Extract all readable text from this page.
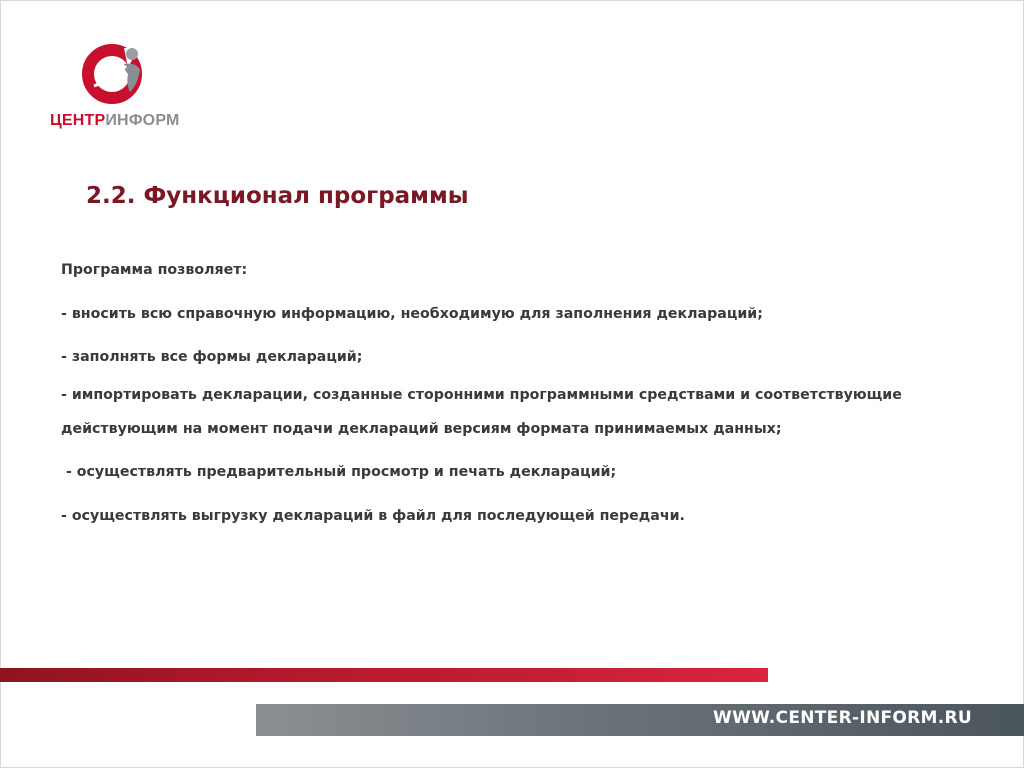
ЦЕНТРИНФОРМ
2.2. Функционал программы
Программа позволяет:
- вносить всю справочную информацию, необходимую для заполнения деклараций;
- заполнять все формы деклараций;
- импортировать декларации, созданные сторонними программными средствами и соответствующие
действующим на момент подачи деклараций версиям формата принимаемых данных;
- осуществлять предварительный просмотр и печать деклараций;
- осуществлять выгрузку деклараций в файл для последующей передачи.
WWW.CENTER-INFORM.RU
